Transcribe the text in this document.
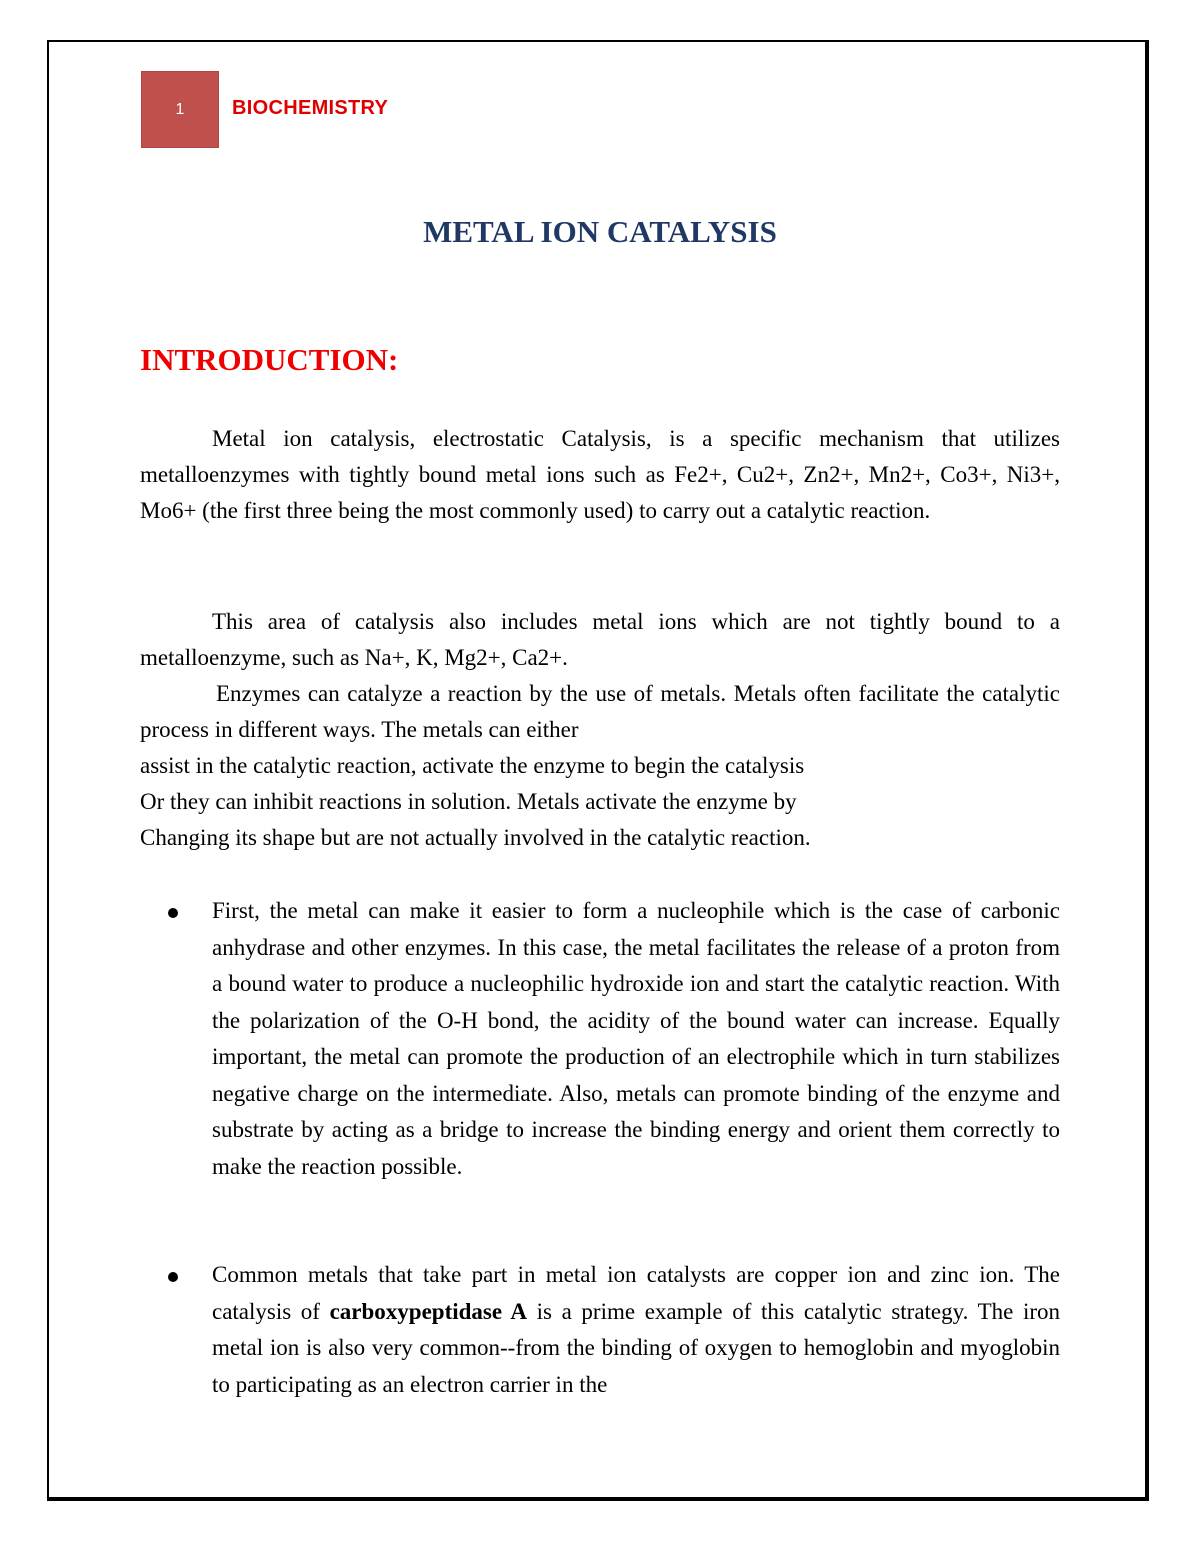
1	BIOCHEMISTRY
METAL ION CATALYSIS
INTRODUCTION:

Metal ion catalysis, electrostatic Catalysis, is a specific mechanism that utilizes metalloenzymes with tightly bound metal ions such as Fe2+, Cu2+, Zn2+, Mn2+, Co3+, Ni3+, Mo6+ (the first three being the most commonly used) to carry out a catalytic reaction.

This area of catalysis also includes metal ions which are not tightly bound to a metalloenzyme, such as Na+, K, Mg2+, Ca2+.

Enzymes can catalyze a reaction by the use of metals. Metals often facilitate the catalytic process in different ways. The metals can either
assist in the catalytic reaction, activate the enzyme to begin the catalysis
Or they can inhibit reactions in solution. Metals activate the enzyme by
Changing its shape but are not actually involved in the catalytic reaction.

First, the metal can make it easier to form a nucleophile which is the case of carbonic anhydrase and other enzymes. In this case, the metal facilitates the release of a proton from a bound water to produce a nucleophilic hydroxide ion and start the catalytic reaction. With the polarization of the O-H bond, the acidity of the bound water can increase. Equally important, the metal can promote the production of an electrophile which in turn stabilizes negative charge on the intermediate. Also, metals can promote binding of the enzyme and substrate by acting as a bridge to increase the binding energy and orient them correctly to make the reaction possible.

Common metals that take part in metal ion catalysts are copper ion and zinc ion. The catalysis of carboxypeptidase A is a prime example of this catalytic strategy. The iron metal ion is also very common--from the binding of oxygen to hemoglobin and myoglobin to participating as an electron carrier in the
